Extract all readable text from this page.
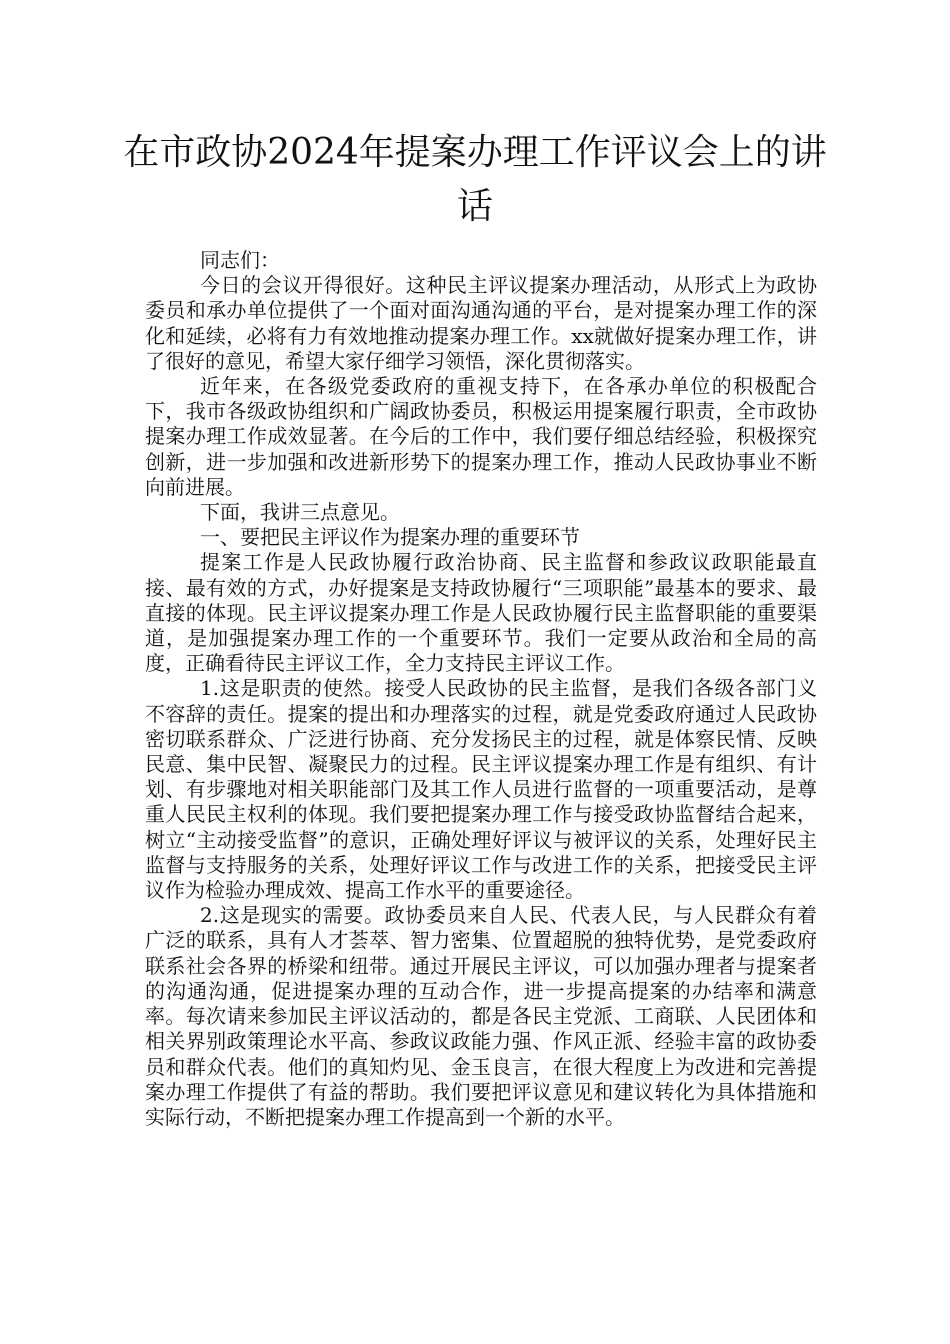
在市政协2024年提案办理工作评议会上的讲话

同志们：

今日的会议开得很好。这种民主评议提案办理活动，从形式上为政协委员和承办单位提供了一个面对面沟通沟通的平台，是对提案办理工作的深化和延续，必将有力有效地推动提案办理工作。xx就做好提案办理工作，讲了很好的意见，希望大家仔细学习领悟，深化贯彻落实。

近年来，在各级党委政府的重视支持下，在各承办单位的积极配合下，我市各级政协组织和广阔政协委员，积极运用提案履行职责，全市政协提案办理工作成效显著。在今后的工作中，我们要仔细总结经验，积极探究创新，进一步加强和改进新形势下的提案办理工作，推动人民政协事业不断向前进展。

下面，我讲三点意见。

一、要把民主评议作为提案办理的重要环节

提案工作是人民政协履行政治协商、民主监督和参政议政职能最直接、最有效的方式，办好提案是支持政协履行“三项职能”最基本的要求、最直接的体现。民主评议提案办理工作是人民政协履行民主监督职能的重要渠道，是加强提案办理工作的一个重要环节。我们一定要从政治和全局的高度，正确看待民主评议工作，全力支持民主评议工作。

1.这是职责的使然。接受人民政协的民主监督，是我们各级各部门义不容辞的责任。提案的提出和办理落实的过程，就是党委政府通过人民政协密切联系群众、广泛进行协商、充分发扬民主的过程，就是体察民情、反映民意、集中民智、凝聚民力的过程。民主评议提案办理工作是有组织、有计划、有步骤地对相关职能部门及其工作人员进行监督的一项重要活动，是尊重人民民主权利的体现。我们要把提案办理工作与接受政协监督结合起来，树立“主动接受监督”的意识，正确处理好评议与被评议的关系，处理好民主监督与支持服务的关系，处理好评议工作与改进工作的关系，把接受民主评议作为检验办理成效、提高工作水平的重要途径。

2.这是现实的需要。政协委员来自人民、代表人民，与人民群众有着广泛的联系，具有人才荟萃、智力密集、位置超脱的独特优势，是党委政府联系社会各界的桥梁和纽带。通过开展民主评议，可以加强办理者与提案者的沟通沟通，促进提案办理的互动合作，进一步提高提案的办结率和满意率。每次请来参加民主评议活动的，都是各民主党派、工商联、人民团体和相关界别政策理论水平高、参政议政能力强、作风正派、经验丰富的政协委员和群众代表。他们的真知灼见、金玉良言，在很大程度上为改进和完善提案办理工作提供了有益的帮助。我们要把评议意见和建议转化为具体措施和实际行动，不断把提案办理工作提高到一个新的水平。
